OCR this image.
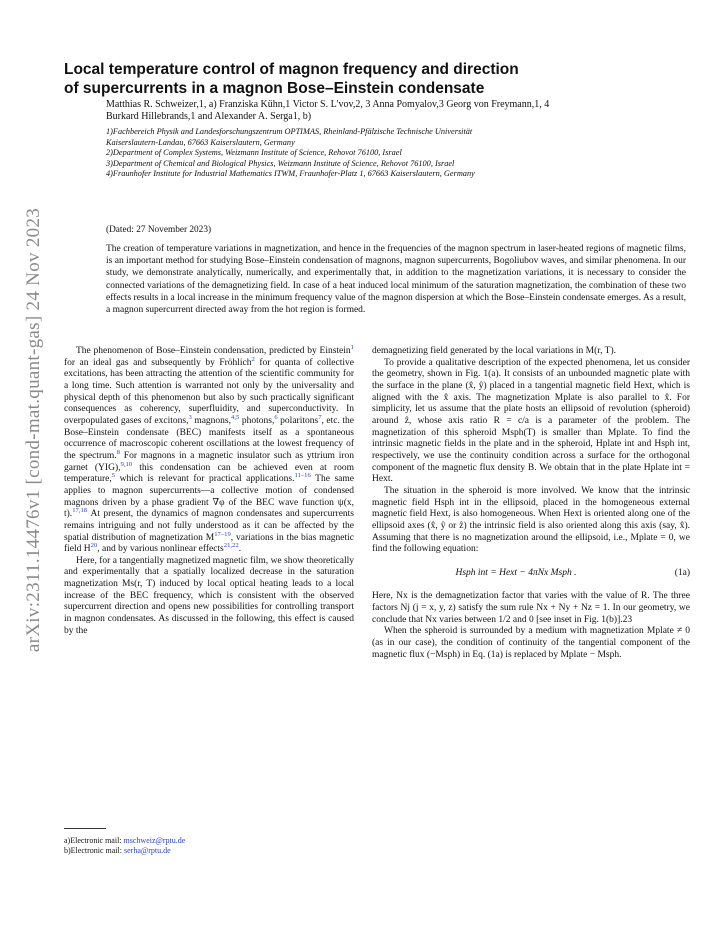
arXiv:2311.14476v1 [cond-mat.quant-gas] 24 Nov 2023
Local temperature control of magnon frequency and direction
of supercurrents in a magnon Bose–Einstein condensate
Matthias R. Schweizer,1, a) Franziska Kühn,1 Victor S. L'vov,2, 3 Anna Pomyalov,3 Georg von Freymann,1, 4
Burkard Hillebrands,1 and Alexander A. Serga1, b)
1)Fachbereich Physik and Landesforschungszentrum OPTIMAS, Rheinland-Pfälzische Technische Universität
Kaiserslautern-Landau, 67663 Kaiserslautern, Germany
2)Department of Complex Systems, Weizmann Institute of Science, Rehovot 76100, Israel
3)Department of Chemical and Biological Physics, Weizmann Institute of Science, Rehovot 76100, Israel
4)Fraunhofer Institute for Industrial Mathematics ITWM, Fraunhofer-Platz 1, 67663 Kaiserslautern, Germany
(Dated: 27 November 2023)
The creation of temperature variations in magnetization, and hence in the frequencies of the magnon spectrum in laser-heated regions of magnetic films, is an important method for studying Bose–Einstein condensation of magnons, magnon supercurrents, Bogoliubov waves, and similar phenomena. In our study, we demonstrate analytically, numerically, and experimentally that, in addition to the magnetization variations, it is necessary to consider the connected variations of the demagnetizing field. In case of a heat induced local minimum of the saturation magnetization, the combination of these two effects results in a local increase in the minimum frequency value of the magnon dispersion at which the Bose–Einstein condensate emerges. As a result, a magnon supercurrent directed away from the hot region is formed.

The phenomenon of Bose–Einstein condensation, predicted by Einstein$^1$ for an ideal gas and subsequently by Fröhlich$^2$ for quanta of collective excitations, has been attracting the attention of the scientific community for a long time. Such attention is warranted not only by the universality and physical depth of this phenomenon but also by such practically significant consequences as coherency, superfluidity, and superconductivity. In overpopulated gases of excitons,$^3$ magnons,$^{4,5}$ photons,$^6$ polaritons$^7$, etc. the Bose–Einstein condensate (BEC) manifests itself as a spontaneous occurrence of macroscopic coherent oscillations at the lowest frequency of the spectrum.$^8$ For magnons in a magnetic insulator such as yttrium iron garnet (YIG),$^{9,10}$ this condensation can be achieved even at room temperature,$^5$ which is relevant for practical applications.$^{11-16}$ The same applies to magnon supercurrents—a collective motion of condensed magnons driven by a phase gradient ∇φ of the BEC wave function ψ(x, t).$^{17,18}$ At present, the dynamics of magnon condensates and supercurrents remains intriguing and not fully understood as it can be affected by the spatial distribution of magnetization $M^{17-19}$, variations in the bias magnetic field $H^{20}$, and by various nonlinear effects$^{21,22}$.

Here, for a tangentially magnetized magnetic film, we show theoretically and experimentally that a spatially localized decrease in the saturation magnetization Ms(r, T) induced by local optical heating leads to a local increase of the BEC frequency, which is consistent with the observed supercurrent direction and opens new possibilities for controlling transport in magnon condensates. As discussed in the following, this effect is caused by the

demagnetizing field generated by the local variations in M(r, T).

To provide a qualitative description of the expected phenomena, let us consider the geometry, shown in Fig. 1(a). It consists of an unbounded magnetic plate with the surface in the plane (x̂, ŷ) placed in a tangential magnetic field Hext, which is aligned with the x̂ axis. The magnetization Mplate is also parallel to x̂. For simplicity, let us assume that the plate hosts an ellipsoid of revolution (spheroid) around ẑ, whose axis ratio R = c/a is a parameter of the problem. The magnetization of this spheroid Msph(T) is smaller than Mplate. To find the intrinsic magnetic fields in the plate and in the spheroid, Hplate int and Hsph int, respectively, we use the continuity condition across a surface for the orthogonal component of the magnetic flux density B. We obtain that in the plate Hplate int = Hext.

The situation in the spheroid is more involved. We know that the intrinsic magnetic field Hsph int in the ellipsoid, placed in the homogeneous external magnetic field Hext, is also homogeneous. When Hext is oriented along one of the ellipsoid axes (x̂, ŷ or ẑ) the intrinsic field is also oriented along this axis (say, x̂). Assuming that there is no magnetization around the ellipsoid, i.e., Mplate = 0, we find the following equation:

Hsph int = Hext − 4πNx Msph .	(1a)

Here, Nx is the demagnetization factor that varies with the value of R. The three factors Nj (j = x, y, z) satisfy the sum rule Nx + Ny + Nz = 1. In our geometry, we conclude that Nx varies between 1/2 and 0 [see inset in Fig. 1(b)].23

When the spheroid is surrounded by a medium with magnetization Mplate ≠ 0 (as in our case), the condition of continuity of the tangential component of the magnetic flux (−Msph) in Eq. (1a) is replaced by Mplate − Msph.

a)Electronic mail: mschweiz@rptu.de
b)Electronic mail: serha@rptu.de
